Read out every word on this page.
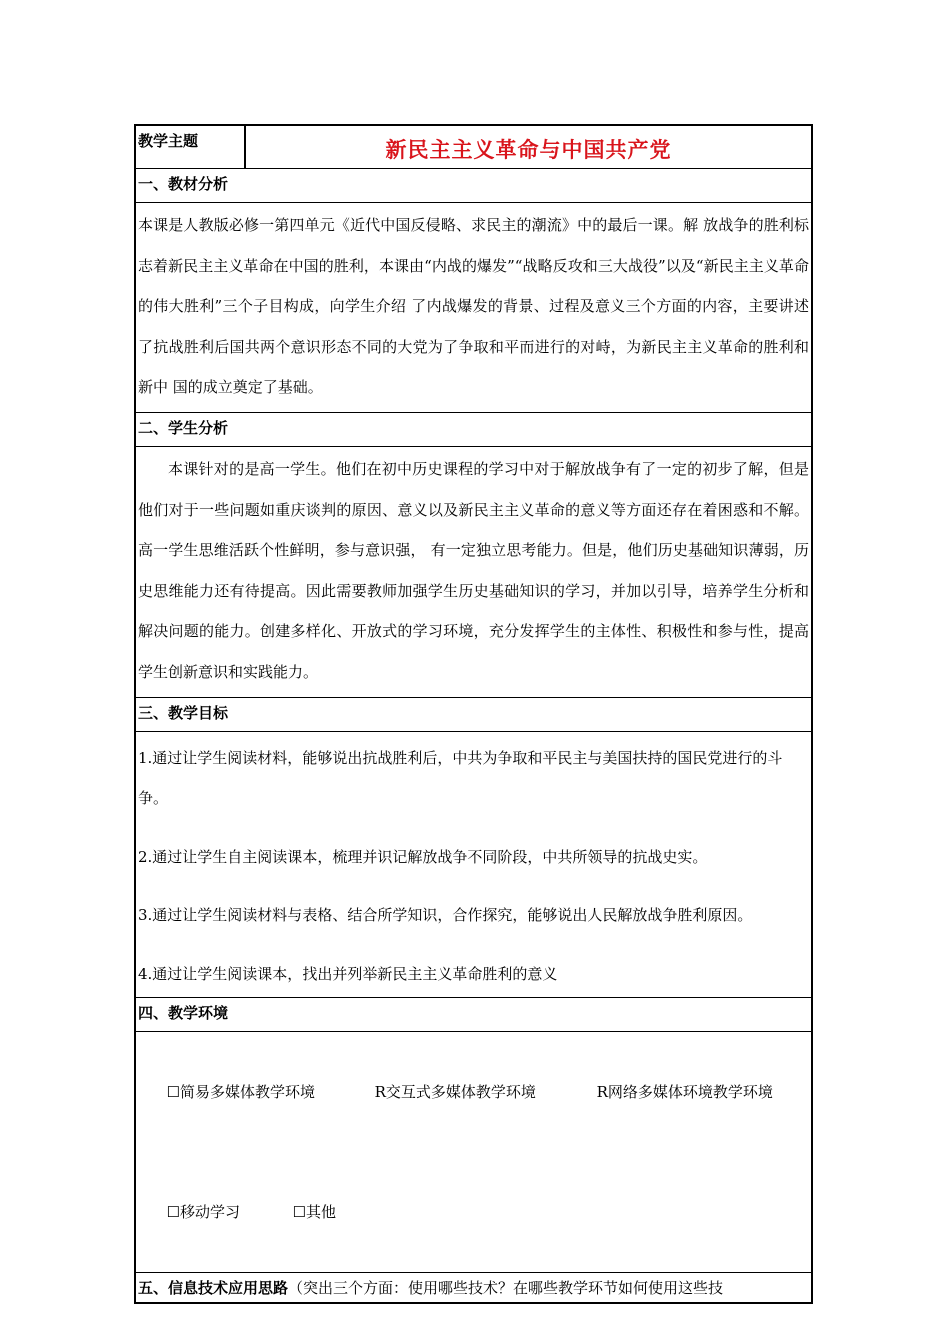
教学主题	新民主主义革命与中国共产党
一、教材分析
本课是人教版必修一第四单元《近代中国反侵略、求民主的潮流》中的最后一课。解 放战争的胜利标志着新民主主义革命在中国的胜利，本课由“内战的爆发”“战略反攻和三大战役”以及“新民主主义革命的伟大胜利”三个子目构成，向学生介绍 了内战爆发的背景、过程及意义三个方面的内容，主要讲述了抗战胜利后国共两个意识形态不同的大党为了争取和平而进行的对峙，为新民主主义革命的胜利和新中 国的成立奠定了基础。
二、学生分析
本课针对的是高一学生。他们在初中历史课程的学习中对于解放战争有了一定的初步了解，但是他们对于一些问题如重庆谈判的原因、意义以及新民主主义革命的意义等方面还存在着困惑和不解。高一学生思维活跃个性鲜明，参与意识强， 有一定独立思考能力。但是，他们历史基础知识薄弱，历史思维能力还有待提高。因此需要教师加强学生历史基础知识的学习，并加以引导，培养学生分析和解决问题的能力。创建多样化、开放式的学习环境，充分发挥学生的主体性、积极性和参与性，提高学生创新意识和实践能力。
三、教学目标

1.通过让学生阅读材料，能够说出抗战胜利后，中共为争取和平民主与美国扶持的国民党进行的斗争。

2.通过让学生自主阅读课本，梳理并识记解放战争不同阶段，中共所领导的抗战史实。

3.通过让学生阅读材料与表格、结合所学知识，合作探究，能够说出人民解放战争胜利原因。

4.通过让学生阅读课本，找出并列举新民主主义革命胜利的意义

四、教学环境

☐简易多媒体教学环境	R交互式多媒体教学环境	R网络多媒体环境教学环境

☐移动学习	☐其他

五、信息技术应用思路（突出三个方面：使用哪些技术？在哪些教学环节如何使用这些技
